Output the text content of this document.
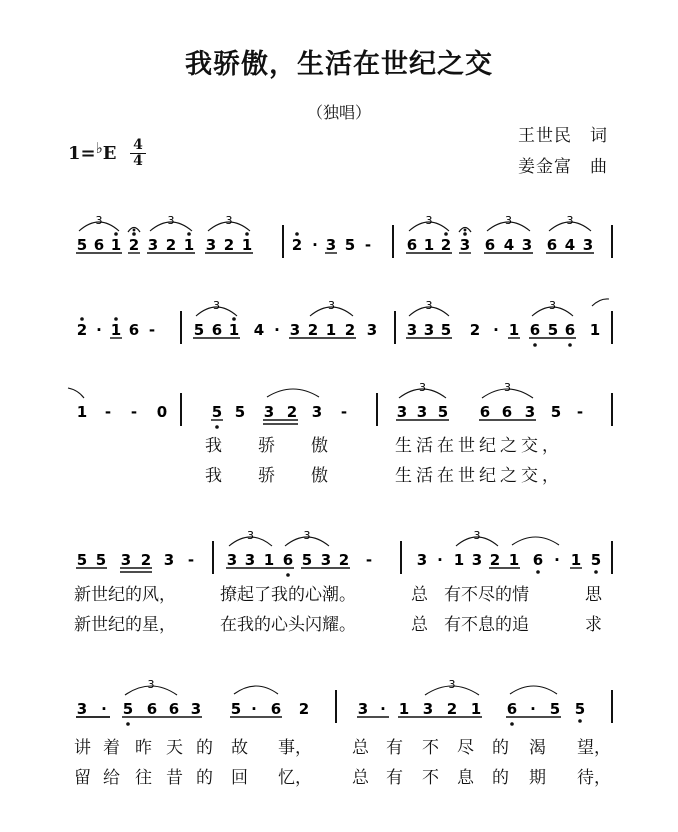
我骄傲，生活在世纪之交
（独唱）
王世民　词
姜金富　曲
1=♭E 4
4
5 6 1 2 3 2 1 3 2 1	2 · 3 5 - 6 1 2 3 6 4 3 6 4 3
2 · 1 6 -	5 6 1 4 · 3 2 1 2 3 3 3 5 2 · 1 6 5 6 1
1 - - 0	5 5 3 2 3 -	3 3 5 6 6 3 5 -
5 5 3 2 3 - 3 3 1 6 5 3 2 -	3 · 1 3 2 1 6 · 1 5
3 · 5 6 6 3 5 · 6 2	3 · 1 3 2 1 6 · 5 5
3	3	3	3	3	3
3	3	3	3
3	3
3	3	3
3	3
我 骄 傲	生活在世纪之交，
我 骄 傲	生活在世纪之交，
新世纪的风，	撩起了我的心潮。	总 有不尽的情	思
新世纪的星，	在我的心头闪耀。	总 有不息的追	求
讲 着 昨 天 的 故 事， 总 有 不 尽 的 渴 望，
留 给 往 昔 的 回 忆， 总 有 不 息 的 期 待，
